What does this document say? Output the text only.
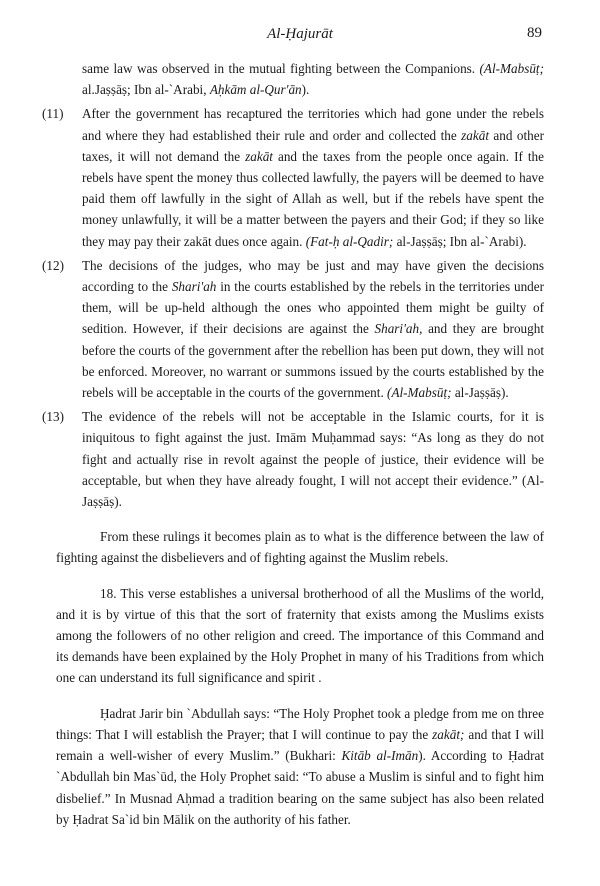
Al-Ḥajurāt	89

same law was observed in the mutual fighting between the Companions. (Al-Mabsūṭ; al.Jaṣṣāṣ; Ibn al-`Arabi, Aḥkām al-Qur'ān).

(11)	After the government has recaptured the territories which had gone under the rebels and where they had established their rule and order and collected the zakāt and other taxes, it will not demand the zakāt and the taxes from the people once again. If the rebels have spent the money thus collected lawfully, the payers will be deemed to have paid them off lawfully in the sight of Allah as well, but if the rebels have spent the money unlawfully, it will be a matter between the payers and their God; if they so like they may pay their zakāt dues once again. (Fat-ḥ al-Qadir; al-Jaṣṣāṣ; Ibn al-`Arabi).

(12)	The decisions of the judges, who may be just and may have given the decisions according to the Shari'ah in the courts established by the rebels in the territories under them, will be up-held although the ones who appointed them might be guilty of sedition. However, if their decisions are against the Shari'ah, and they are brought before the courts of the government after the rebellion has been put down, they will not be enforced. Moreover, no warrant or summons issued by the courts established by the rebels will be acceptable in the courts of the government. (Al-Mabsūṭ; al-Jaṣṣāṣ).

(13)	The evidence of the rebels will not be acceptable in the Islamic courts, for it is iniquitous to fight against the just. Imām Muḥammad says: “As long as they do not fight and actually rise in revolt against the people of justice, their evidence will be acceptable, but when they have already fought, I will not accept their evidence.” (Al-Jaṣṣāṣ).

From these rulings it becomes plain as to what is the difference between the law of fighting against the disbelievers and of fighting against the Muslim rebels.

18. This verse establishes a universal brotherhood of all the Muslims of the world, and it is by virtue of this that the sort of fraternity that exists among the Muslims exists among the followers of no other religion and creed. The importance of this Command and its demands have been explained by the Holy Prophet in many of his Traditions from which one can understand its full significance and spirit .

Ḥadrat Jarir bin `Abdullah says: “The Holy Prophet took a pledge from me on three things: That I will establish the Prayer; that I will continue to pay the zakāt; and that I will remain a well-wisher of every Muslim.” (Bukhari: Kitāb al-Imān). According to Ḥadrat `Abdullah bin Mas`ūd, the Holy Prophet said: “To abuse a Muslim is sinful and to fight him disbelief.” In Musnad Aḥmad a tradition bearing on the same subject has also been related by Ḥadrat Sa`id bin Mālik on the authority of his father.
